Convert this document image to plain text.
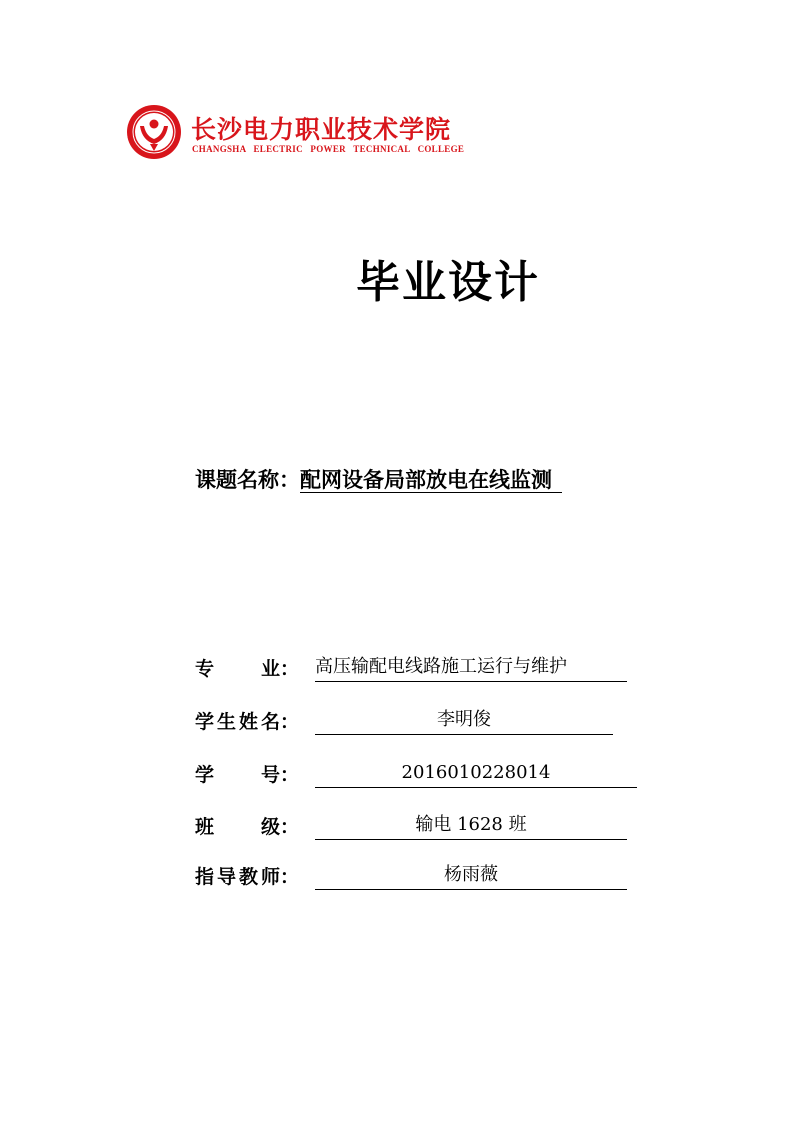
长沙电力职业技术学院
CHANGSHA ELECTRIC POWER TECHNICAL COLLEGE
毕业设计
课题名称：配网设备局部放电在线监测
专 业： 高压输配电线路施工运行与维护
学 生 姓 名：	李明俊
学 号：	2016010228014
班 级：	输电 1628 班
指 导 教 师：	杨雨薇
